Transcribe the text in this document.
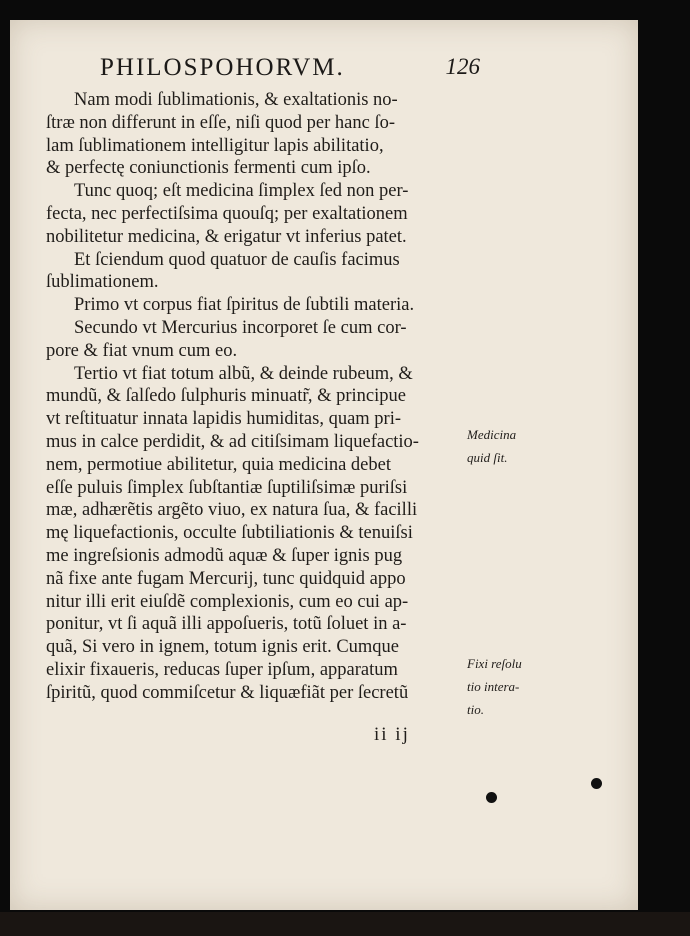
PHILOSPOHORVM.	126
Nam modi ſublimationis, & exaltationis no-
ſtræ non differunt in eſſe, niſi quod per hanc ſo-
lam ſublimationem intelligitur lapis abilitatio,
& perfectę coniunctionis fermenti cum ipſo.
Tunc quoq; eſt medicina ſimplex ſed non per-
fecta, nec perfectiſsima quouſq; per exaltationem
nobilitetur medicina, & erigatur vt inferius patet.
Et ſciendum quod quatuor de cauſis facimus
ſublimationem.
Primo vt corpus fiat ſpiritus de ſubtili materia.
Secundo vt Mercurius incorporet ſe cum cor-
pore & fiat vnum cum eo.
Tertio vt fiat totum albũ, & deinde rubeum, &
mundũ, & ſalſedo ſulphuris minuatr̃, & principue
vt reſtituatur innata lapidis humiditas, quam pri-
mus in calce perdidit, & ad citiſsimam liquefactio-
nem, permotiue abilitetur, quia medicina debet
eſſe puluis ſimplex ſubſtantiæ ſuptiliſsimæ puriſsi
mæ, adhærẽtis argẽto viuo, ex natura ſua, & facilli
mę liquefactionis, occulte ſubtiliationis & tenuiſsi
me ingreſsionis admodũ aquæ & ſuper ignis pug
nã fixe ante fugam Mercurij, tunc quidquid appo
nitur illi erit eiuſdẽ complexionis, cum eo cui ap-
ponitur, vt ſi aquã illi appoſueris, totũ ſoluet in a-
quã, Si vero in ignem, totum ignis erit. Cumque
elixir fixaueris, reducas ſuper ipſum, apparatum
ſpiritũ, quod commiſcetur & liquæfiãt per ſecretũ
ii ij
Medicina
quid ſit.
Fixi reſolu
tio intera-
tio.
